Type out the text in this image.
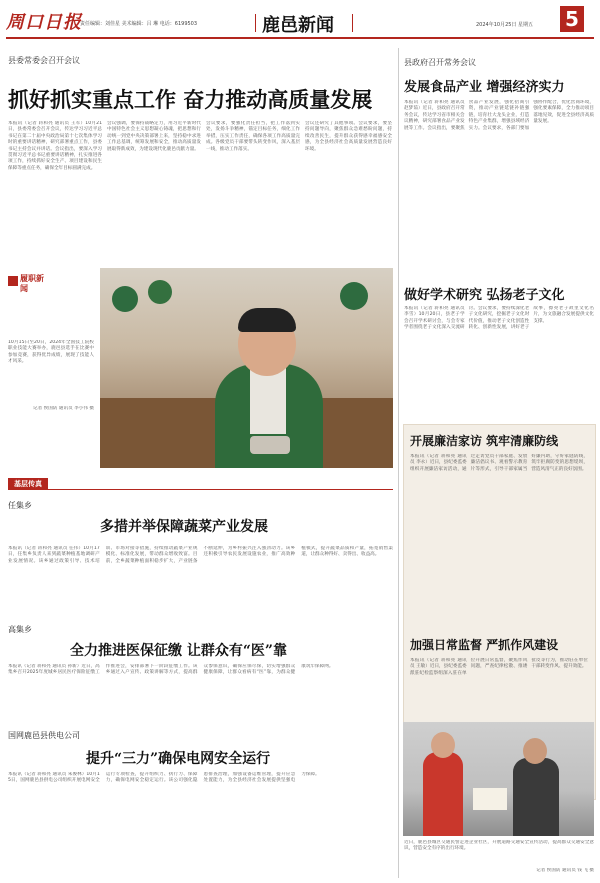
周口日报
责任编辑：刘佳星 美术编辑：吕 琳 电话：6199503	鹿邑新闻	2024年10月25日 星期五 5
县委常委会召开会议
抓好抓实重点工作 奋力推动高质量发展
本报讯（记者 蒋和亮 通讯员 王军）10月21日，县委常委会召开会议，传达学习习近平总书记在第二十届中央政治局第十七次集体学习时的重要讲话精神，研究部署重点工作，县委书记主持会议并讲话。会议指出，要深入学习贯彻习近平总书记重要讲话精神，扎实推进各项工作，持续抓好安全生产、项目建设和民生保障等重点任务，确保全年目标圆满完成。
会议强调，要保持战略定力，用习近平新时代中国特色社会主义思想凝心铸魂，把思想和行动统一到党中央决策部署上来，坚持稳中求进工作总基调，统筹发展和安全，推动高质量发展取得新成效，为建设现代化鹿邑贡献力量。
会议要求，要强化责任担当，把工作落到实处，发扬斗争精神，锚定目标任务，细化工作举措，压实工作责任，确保各项工作高质量完成。各级党员干部要带头转变作风，深入基层一线，推动工作落实。
会议还研究了其他事项。会议要求，要坚持问题导向，聚焦群众急难愁盼问题，持续改善民生，提升群众获得感幸福感安全感，为全县经济社会高质量发展营造良好环境。
履职新闻
10月15日至20日，2024年全国技工院校职业技能大赛举办，鹿邑县选手在比赛中参加竞赛，获得优异成绩，展现了技能人才风采。
记者 侯国防 通讯员 李小伟 摄
基层传真
任集乡
多措并举保障蔬菜产业发展
本报讯（记者 蒋和亮 通讯员 任伟）10月17日，任集乡负责人来到蔬菜种植基地调研产业发展情况。该乡通过政策引导、技术培训、市场对接等措施，持续推动蔬菜产业规模化、标准化发展，带动群众增收致富。目前，全乡蔬菜种植面积稳步扩大，产业链条不断延伸，为乡村振兴注入强劲动力。该乡还积极引导农民发展设施农业，推广高效种植模式，提升蔬菜品质和产量，拓宽销售渠道，让群众种得好、卖得出、收益高。
高集乡
全力推进医保征缴 让群众有“医”靠
本报讯（记者 蒋和亮 通讯员 孙新）近日，高集乡召开2025年度城乡居民医疗保险征缴工作推进会，安排部署下一阶段征缴工作。该乡通过入户宣传、政策讲解等方式，提高群众参保意识，确保应保尽保，切实增强群众健康保障，让群众看病有“医”靠，为群众健康筑牢保障网。
国网鹿邑县供电公司
提升“三力”确保电网安全运行
本报讯（记者 蒋和亮 通讯员 朱俊林）10月15日，国网鹿邑县供电公司组织开展电网安全运行专项检查，提升组织力、执行力、保障力，确保电网安全稳定运行。该公司强化隐患排查治理，加强设备运维管理，提升应急处置能力，为全县经济社会发展提供坚强电力保障。
县政府召开常务会议
发展食品产业 增强经济实力
本报讯（记者 蒋和亮 通讯员 赵梦茹）近日，县政府召开常务会议，传达学习省市相关会议精神，研究部署食品产业发展等工作。会议指出，要聚焦食品产业发展，强化招商引资，推动产业链延链补链强链，培育壮大龙头企业，打造特色产业集群，增强县域经济实力。会议要求，各部门要加强协作配合，优化营商环境，强化要素保障，全力推动项目落地见效，促进全县经济高质量发展。
做好学术研究 弘扬老子文化
本报讯（记者 蒋和亮 通讯员 李雪）10月20日，县老子学会召开学术研讨会，与会专家学者围绕老子文化深入交流研讨。会议要求，要持续深化老子文化研究，挖掘老子文化时代价值，推动老子文化创造性转化、创新性发展，讲好老子故事，擦亮老子故里文化名片，为文旅融合发展提供文化支撑。
开展廉洁家访 筑牢清廉防线
本报讯（记者 蒋和亮 通讯员 李永）近日，县纪委监委组织开展廉洁家访活动，通过走访党员干部家庭、发放廉洁倡议书、观看警示教育片等形式，引导干部家属当好廉内助，守好家庭防线，筑牢拒腐防变的思想堤坝，营造风清气正的良好氛围。
加强日常监督 严抓作风建设
本报讯（记者 蒋和亮 通讯员 王敏）近日，县纪委监委派驻纪检监察组深入驻在单位开展日常监督，聚焦作风问题，严查纪律松散、推诿扯皮等行为，推动驻在单位干部转变作风、提升效能。
近日，鹿邑县城区交通民警走进企业社区，开展道路交通安全宣传活动，提高群众交通安全意识，营造安全有序的出行环境。
记者 侯国防 通讯员 钱 飞 摄
